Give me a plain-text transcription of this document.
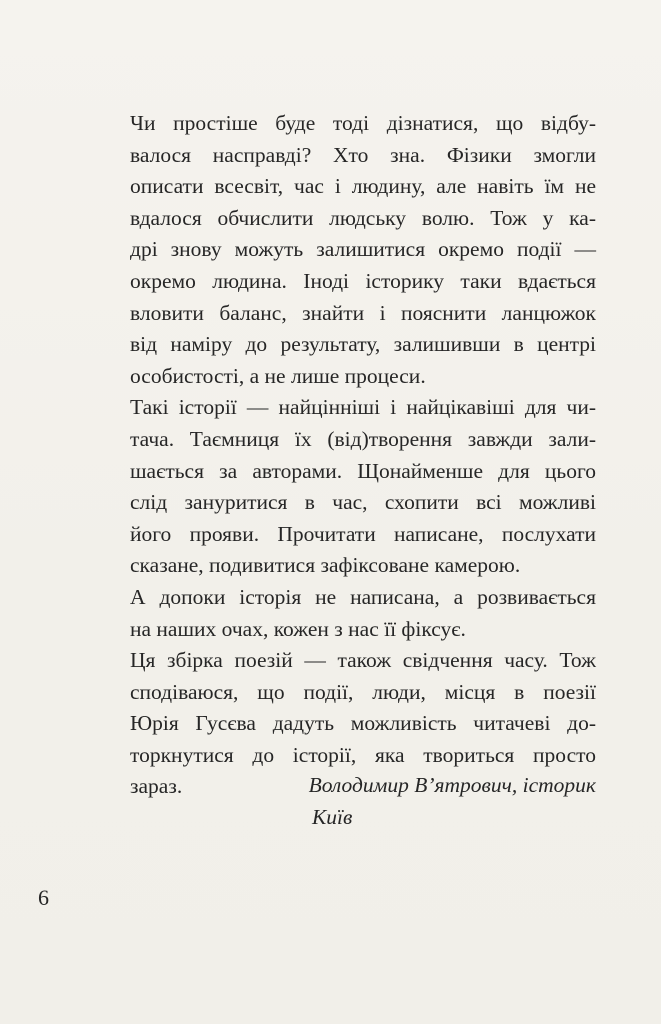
Чи простіше буде тоді дізнатися, що відбу-
валося насправді? Хто зна. Фізики змогли
описати всесвіт, час і людину, але навіть їм не
вдалося обчислити людську волю. Тож у ка-
дрі знову можуть залишитися окремо події —
окремо людина. Іноді історику таки вдається
вловити баланс, знайти і пояснити ланцюжок
від наміру до результату, залишивши в центрі
особистості, а не лише процеси.
Такі історії — найцінніші і найцікавіші для чи-
тача. Таємниця їх (від)творення завжди зали-
шається за авторами. Щонайменше для цього
слід зануритися в час, схопити всі можливі
його прояви. Прочитати написане, послухати
сказане, подивитися зафіксоване камерою.
А допоки історія не написана, а розвивається
на наших очах, кожен з нас її фіксує.
Ця збірка поезій — також свідчення часу. Тож
сподіваюся, що події, люди, місця в поезії
Юрія Гусєва дадуть можливість читачеві до-
торкнутися до історії, яка твориться просто
зараз.	Володимир В’ятрович, історик
Київ
6
